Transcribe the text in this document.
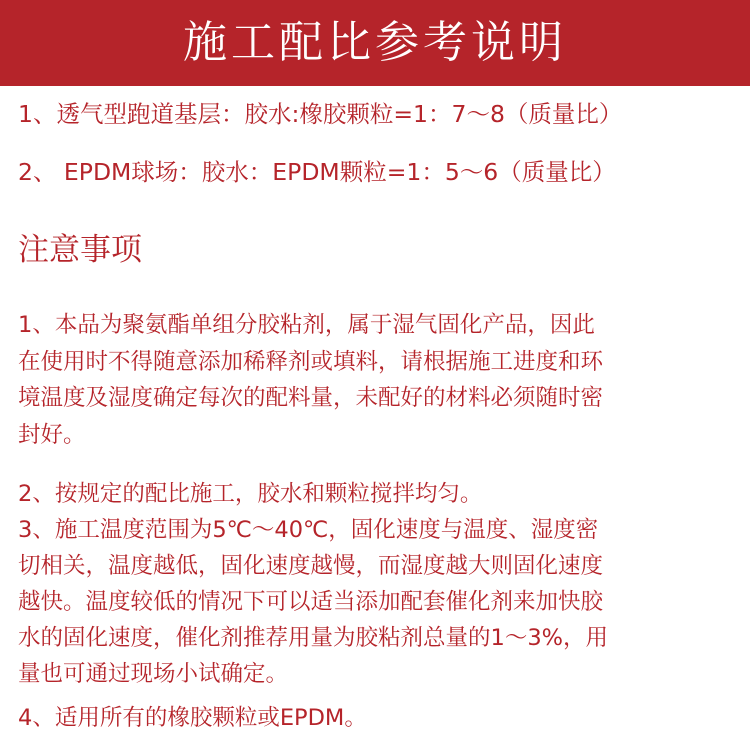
施工配比参考说明
1、透气型跑道基层：胶水:橡胶颗粒=1：7～8（质量比）
2、 EPDM球场：胶水：EPDM颗粒=1：5～6（质量比）
注意事项
1、本品为聚氨酯单组分胶粘剂，属于湿气固化产品，因此
在使用时不得随意添加稀释剂或填料，请根据施工进度和环
境温度及湿度确定每次的配料量，未配好的材料必须随时密
封好。
2、按规定的配比施工，胶水和颗粒搅拌均匀。
3、施工温度范围为5℃～40℃，固化速度与温度、湿度密
切相关，温度越低，固化速度越慢，而湿度越大则固化速度
越快。温度较低的情况下可以适当添加配套催化剂来加快胶
水的固化速度，催化剂推荐用量为胶粘剂总量的1～3%，用
量也可通过现场小试确定。
4、适用所有的橡胶颗粒或EPDM。
